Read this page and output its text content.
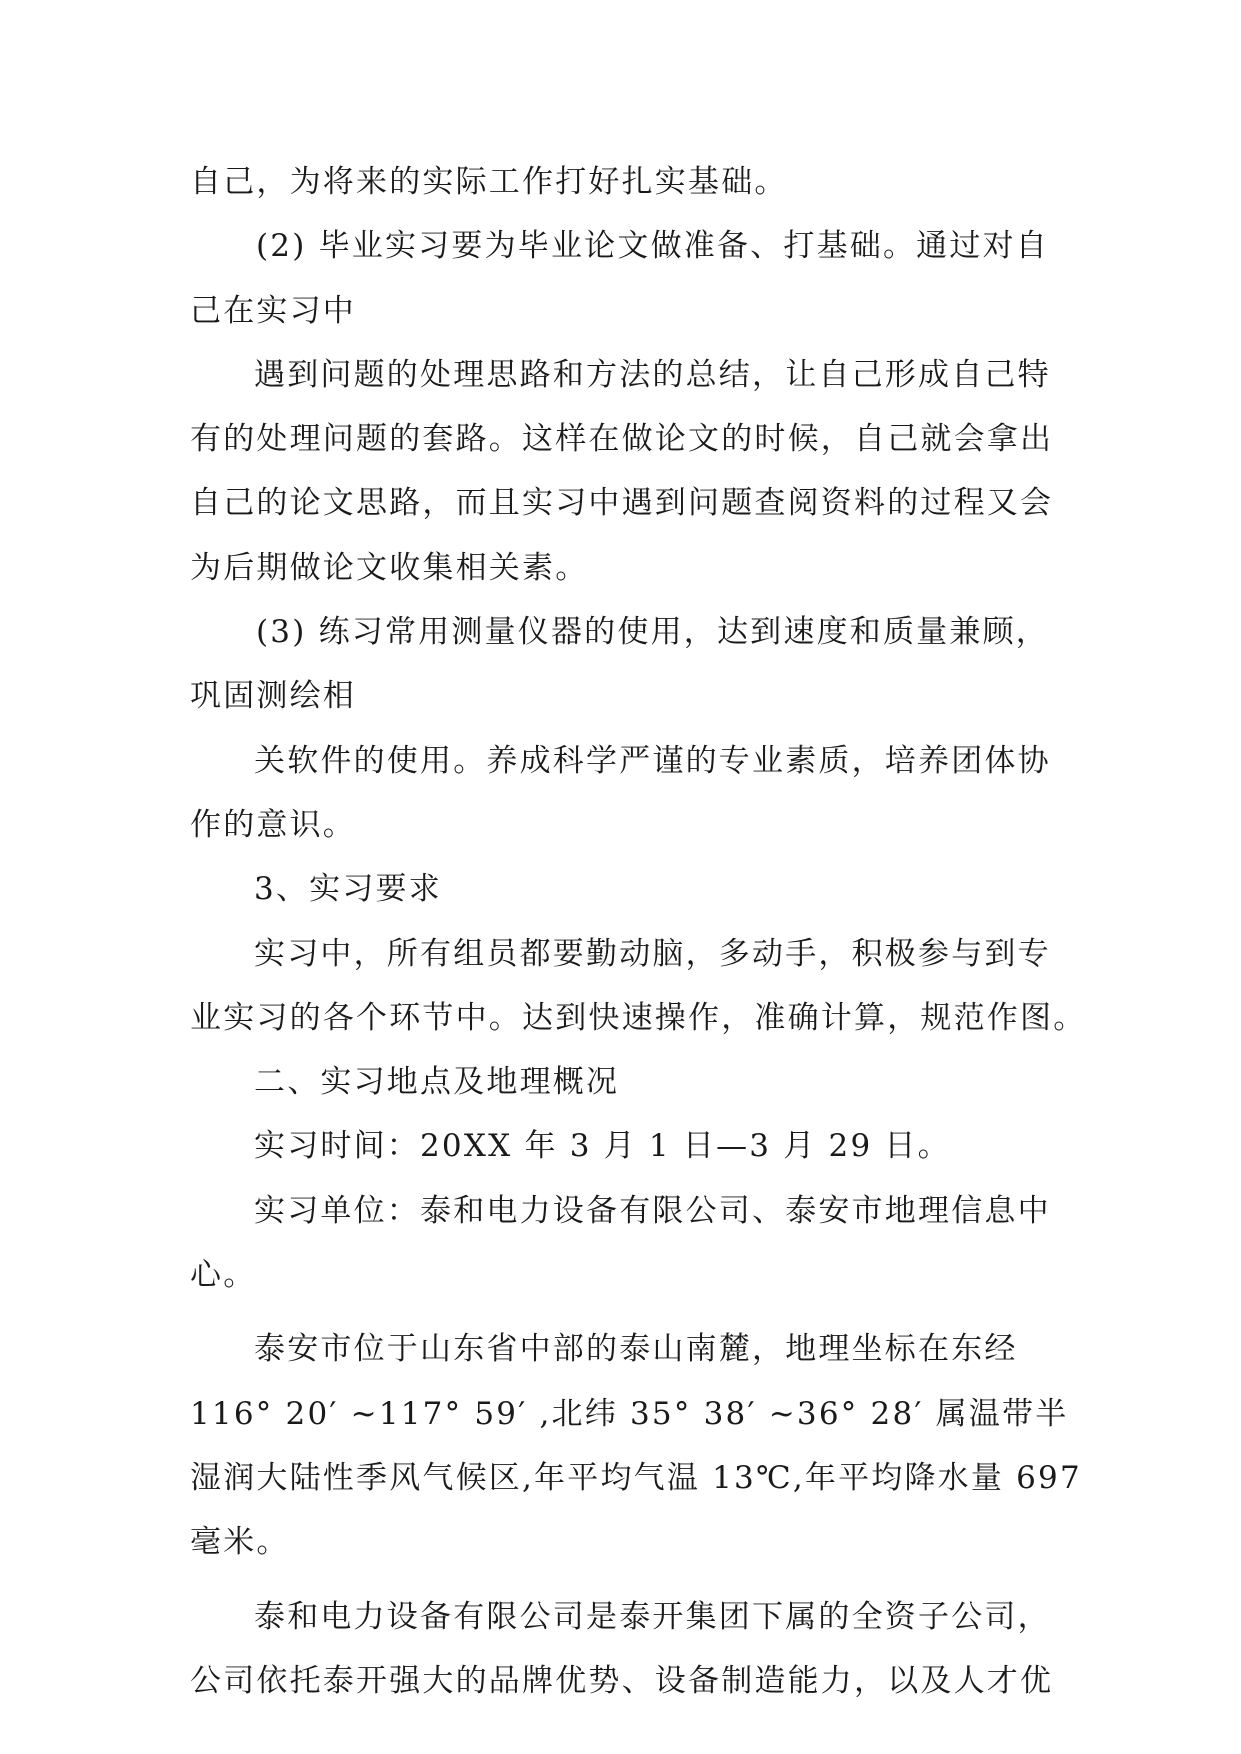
自己，为将来的实际工作打好扎实基础。
(2) 毕业实习要为毕业论文做准备、打基础。通过对自
己在实习中
遇到问题的处理思路和方法的总结，让自己形成自己特
有的处理问题的套路。这样在做论文的时候，自己就会拿出
自己的论文思路，而且实习中遇到问题查阅资料的过程又会
为后期做论文收集相关素。
(3) 练习常用测量仪器的使用，达到速度和质量兼顾，
巩固测绘相
关软件的使用。养成科学严谨的专业素质，培养团体协
作的意识。
3、实习要求
实习中，所有组员都要勤动脑，多动手，积极参与到专
业实习的各个环节中。达到快速操作，准确计算，规范作图。
二、实习地点及地理概况
实习时间：20XX 年 3 月 1 日—3 月 29 日。
实习单位：泰和电力设备有限公司、泰安市地理信息中
心。
泰安市位于山东省中部的泰山南麓，地理坐标在东经
116° 20′ ~117° 59′ ,北纬 35° 38′ ~36° 28′ 属温带半
湿润大陆性季风气候区,年平均气温 13℃,年平均降水量 697
毫米。
泰和电力设备有限公司是泰开集团下属的全资子公司，
公司依托泰开强大的品牌优势、设备制造能力，以及人才优
